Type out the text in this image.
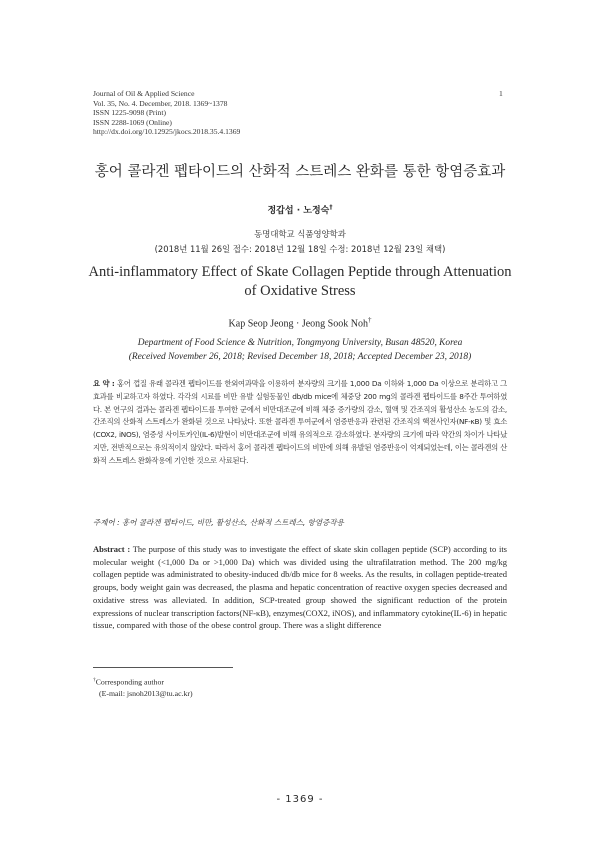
Journal of Oil & Applied Science
Vol. 35, No. 4. December, 2018. 1369~1378
ISSN 1225-9098 (Print)
ISSN 2288-1069 (Online)
http://dx.doi.org/10.12925/jkocs.2018.35.4.1369
1
홍어 콜라겐 펩타이드의 산화적 스트레스 완화를 통한 항염증효과
정갑섭 · 노정숙†
동명대학교 식품영양학과
(2018년 11월 26일 접수: 2018년 12월 18일 수정: 2018년 12월 23일 채택)
Anti-inflammatory Effect of Skate Collagen Peptide through Attenuation
of Oxidative Stress
Kap Seop Jeong · Jeong Sook Noh†
Department of Food Science & Nutrition, Tongmyong University, Busan 48520, Korea
(Received November 26, 2018; Revised December 18, 2018; Accepted December 23, 2018)
요 약 : 홍어 껍질 유래 콜라겐 펩타이드를 한외여과막을 이용하여 분자량의 크기를 1,000 Da 이하와 1,000 Da 이상으로 분리하고 그 효과를 비교하고자 하였다. 각각의 시료를 비만 유발 실험동물인 db/db mice에 체중당 200 mg의 콜라겐 펩타이드를 8주간 투여하였다. 본 연구의 결과는 콜라겐 펩타이드를 투여한 군에서 비만대조군에 비해 체중 증가량의 감소, 혈액 및 간조직의 활성산소 농도의 감소, 간조직의 산화적 스트레스가 완화된 것으로 나타났다. 또한 콜라겐 투여군에서 염증반응과 관련된 간조직의 핵전사인자(NF-κB) 및 효소(COX2, iNOS), 염증성 사이토카인(IL-6)발현이 비만대조군에 비해 유의적으로 감소하였다. 분자량의 크기에 따라 약간의 차이가 나타났지만, 전반적으로는 유의적이지 않았다. 따라서 홍어 콜라겐 펩타이드의 비만에 의해 유발된 염증반응이 억제되었는데, 이는 콜라겐의 산화적 스트레스 완화작용에 기인한 것으로 사료된다.
주제어 : 홍어 콜라겐 펩타이드, 비만, 활성산소, 산화적 스트레스, 항염증작용
Abstract : The purpose of this study was to investigate the effect of skate skin collagen peptide (SCP) according to its molecular weight (<1,000 Da or >1,000 Da) which was divided using the ultrafilatration method. The 200 mg/kg collagen peptide was administrated to obesity-induced db/db mice for 8 weeks. As the results, in collagen peptide-treated groups, body weight gain was decreased, the plasma and hepatic concentration of reactive oxygen species decreased and oxidative stress was alleviated. In addition, SCP-treated group showed the significant reduction of the protein expressions of nuclear transcription factors(NF-κB), enzymes(COX2, iNOS), and inflammatory cytokine(IL-6) in hepatic tissue, compared with those of the obese control group. There was a slight difference
†Corresponding author
(E-mail: jsnoh2013@tu.ac.kr)
- 1369 -
